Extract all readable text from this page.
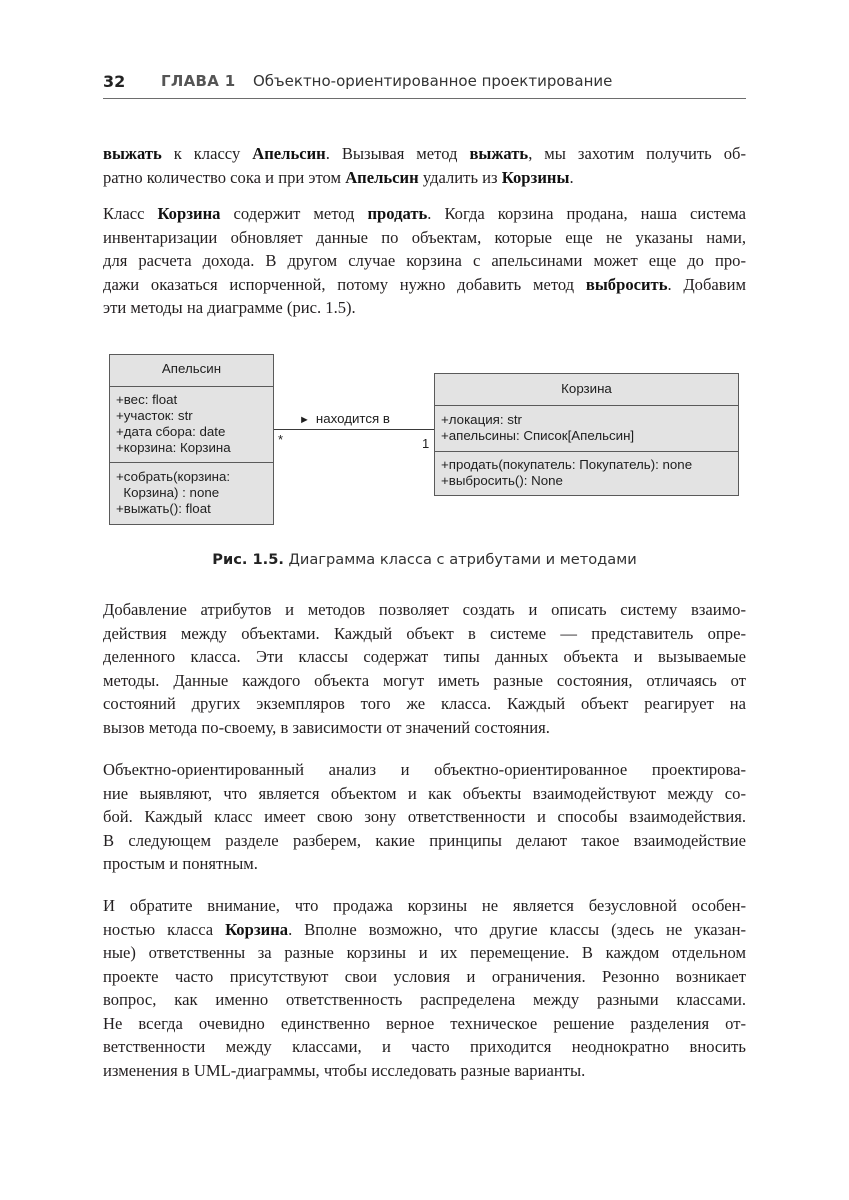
32 ГЛАВА 1 Объектно-ориентированное проектирование
выжать к классу Апельсин. Вызывая метод выжать, мы захотим получить об-
ратно количество сока и при этом Апельсин удалить из Корзины.
Класс Корзина содержит метод продать. Когда корзина продана, наша система
инвентаризации обновляет данные по объектам, которые еще не указаны нами,
для расчета дохода. В другом случае корзина с апельсинами может еще до про-
дажи оказаться испорченной, потому нужно добавить метод выбросить. Добавим
эти методы на диаграмме (рис. 1.5).
Апельсин
+вес: float
+участок: str
+дата сбора: date
+корзина: Корзина
+собрать(корзина:
Корзина) : none
+выжать(): float
► находится в
*	1
Корзина
+локация: str
+апельсины: Список[Апельсин]
+продать(покупатель: Покупатель): none
+выбросить(): None
Рис. 1.5. Диаграмма класса с атрибутами и методами
Добавление атрибутов и методов позволяет создать и описать систему взаимо-
действия между объектами. Каждый объект в системе — представитель опре-
деленного класса. Эти классы содержат типы данных объекта и вызываемые
методы. Данные каждого объекта могут иметь разные состояния, отличаясь от
состояний других экземпляров того же класса. Каждый объект реагирует на
вызов метода по-своему, в зависимости от значений состояния.
Объектно-ориентированный анализ и объектно-ориентированное проектирова-
ние выявляют, что является объектом и как объекты взаимодействуют между со-
бой. Каждый класс имеет свою зону ответственности и способы взаимодействия.
В следующем разделе разберем, какие принципы делают такое взаимодействие
простым и понятным.
И обратите внимание, что продажа корзины не является безусловной особен-
ностью класса Корзина. Вполне возможно, что другие классы (здесь не указан-
ные) ответственны за разные корзины и их перемещение. В каждом отдельном
проекте часто присутствуют свои условия и ограничения. Резонно возникает
вопрос, как именно ответственность распределена между разными классами.
Не всегда очевидно единственно верное техническое решение разделения от-
ветственности между классами, и часто приходится неоднократно вносить
изменения в UML-диаграммы, чтобы исследовать разные варианты.
